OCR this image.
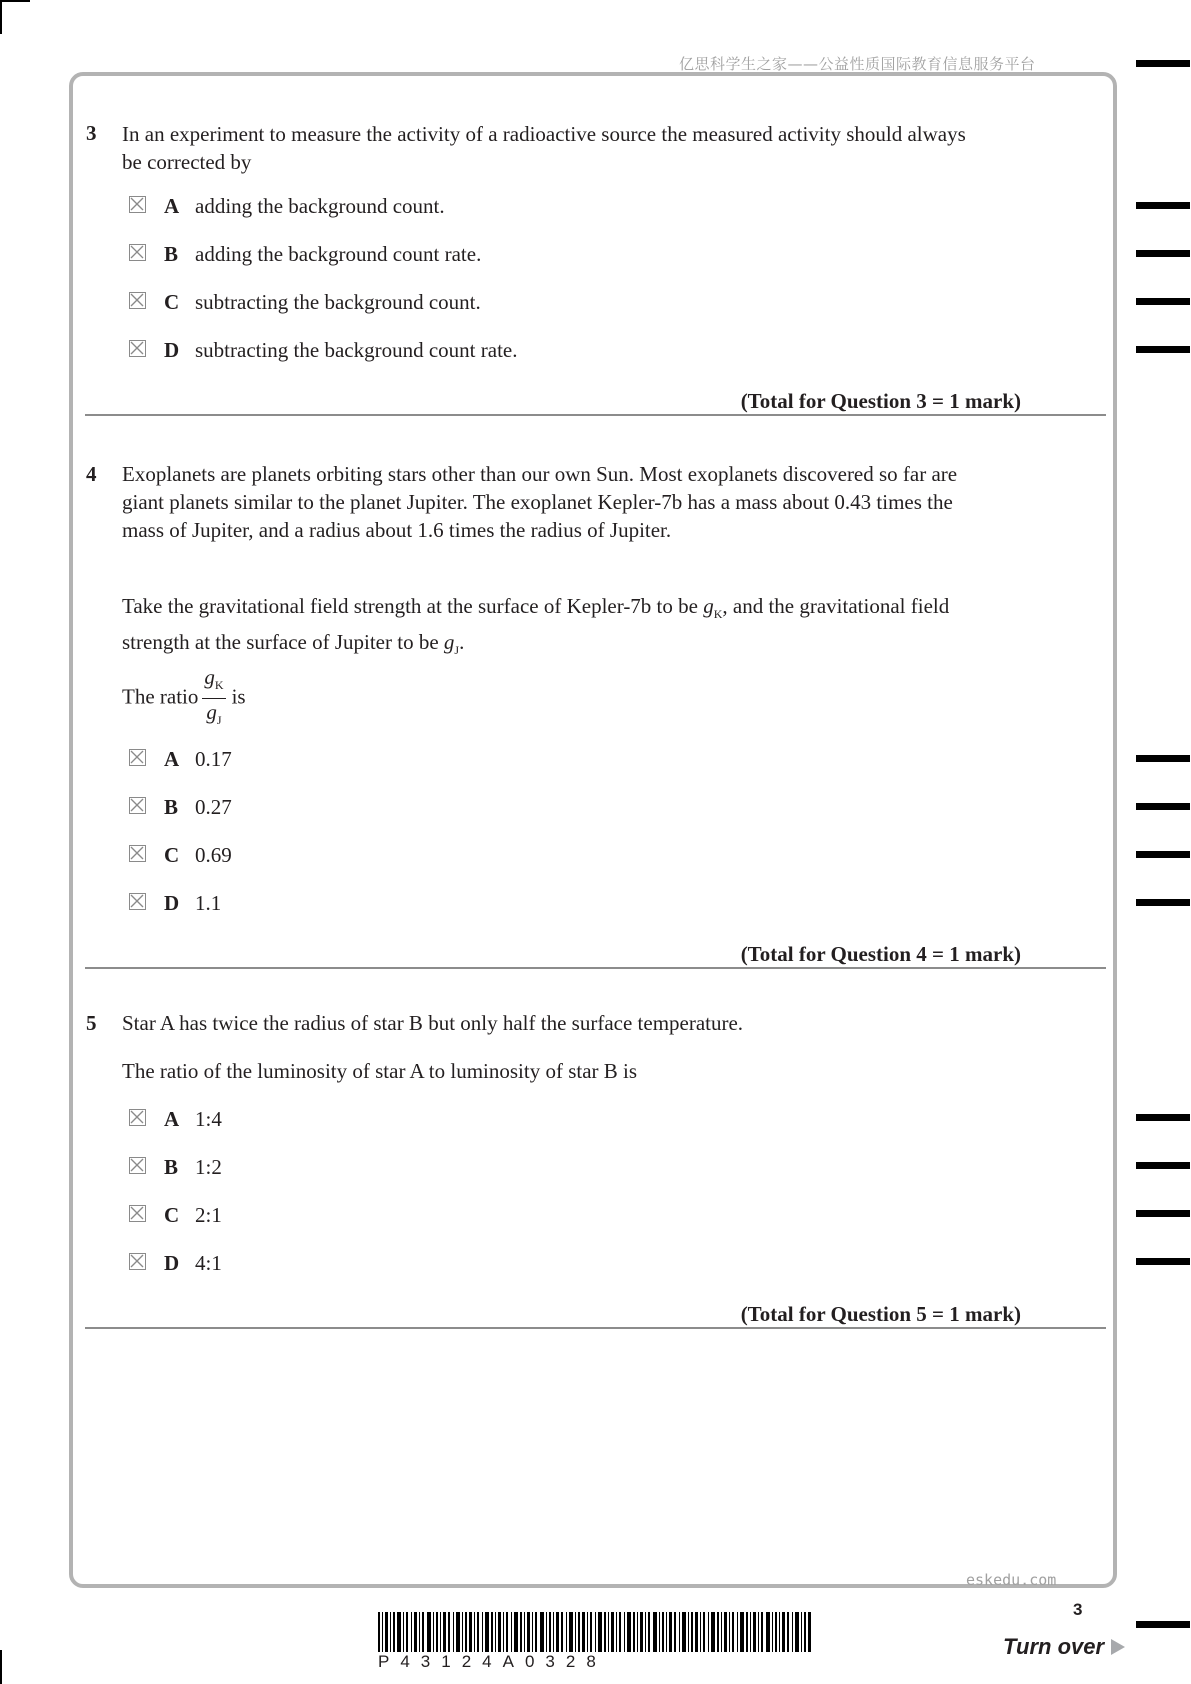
亿思科学生之家——公益性质国际教育信息服务平台
3 In an experiment to measure the activity of a radioactive source the measured activity should always be corrected by
A adding the background count.
B adding the background count rate.
C subtracting the background count.
D subtracting the background count rate.
(Total for Question 3 = 1 mark)
4 Exoplanets are planets orbiting stars other than our own Sun. Most exoplanets discovered so far are giant planets similar to the planet Jupiter. The exoplanet Kepler-7b has a mass about 0.43 times the mass of Jupiter, and a radius about 1.6 times the radius of Jupiter.
Take the gravitational field strength at the surface of Kepler-7b to be $g_K$, and the gravitational field strength at the surface of Jupiter to be $g_J$.
The ratio $\frac{g_K}{g_J}$ is
A 0.17
B 0.27
C 0.69
D 1.1
(Total for Question 4 = 1 mark)
5 Star A has twice the radius of star B but only half the surface temperature.
The ratio of the luminosity of star A to luminosity of star B is
A 1:4
B 1:2
C 2:1
D 4:1
(Total for Question 5 = 1 mark)
eskedu.com
P43124A0328
3
Turn over
